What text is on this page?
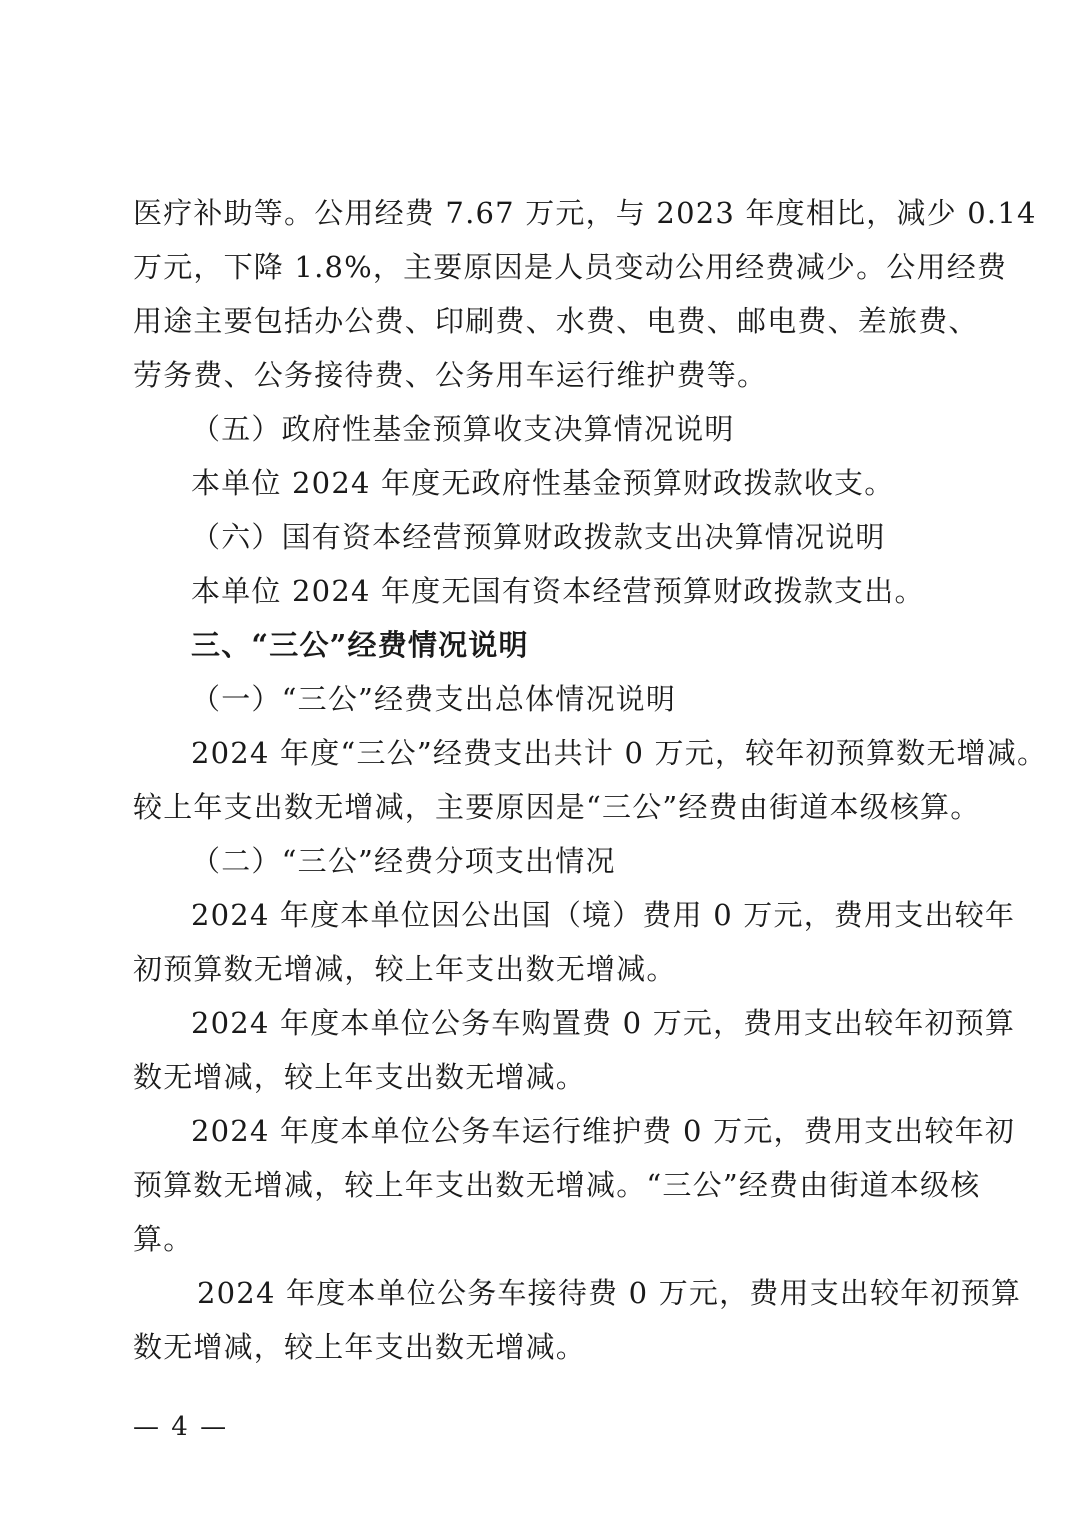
医疗补助等。公用经费 7.67 万元，与 2023 年度相比，减少 0.14
万元，下降 1.8%，主要原因是人员变动公用经费减少。公用经费
用途主要包括办公费、印刷费、水费、电费、邮电费、差旅费、
劳务费、公务接待费、公务用车运行维护费等。
（五）政府性基金预算收支决算情况说明
本单位 2024 年度无政府性基金预算财政拨款收支。
（六）国有资本经营预算财政拨款支出决算情况说明
本单位 2024 年度无国有资本经营预算财政拨款支出。
三、“三公”经费情况说明
（一）“三公”经费支出总体情况说明
2024 年度“三公”经费支出共计 0 万元，较年初预算数无增减。
较上年支出数无增减，主要原因是“三公”经费由街道本级核算。
（二）“三公”经费分项支出情况
2024 年度本单位因公出国（境）费用 0 万元，费用支出较年
初预算数无增减，较上年支出数无增减。
2024 年度本单位公务车购置费 0 万元，费用支出较年初预算
数无增减，较上年支出数无增减。
2024 年度本单位公务车运行维护费 0 万元，费用支出较年初
预算数无增减，较上年支出数无增减。“三公”经费由街道本级核
算。
2024 年度本单位公务车接待费 0 万元，费用支出较年初预算
数无增减，较上年支出数无增减。
— 4 —
